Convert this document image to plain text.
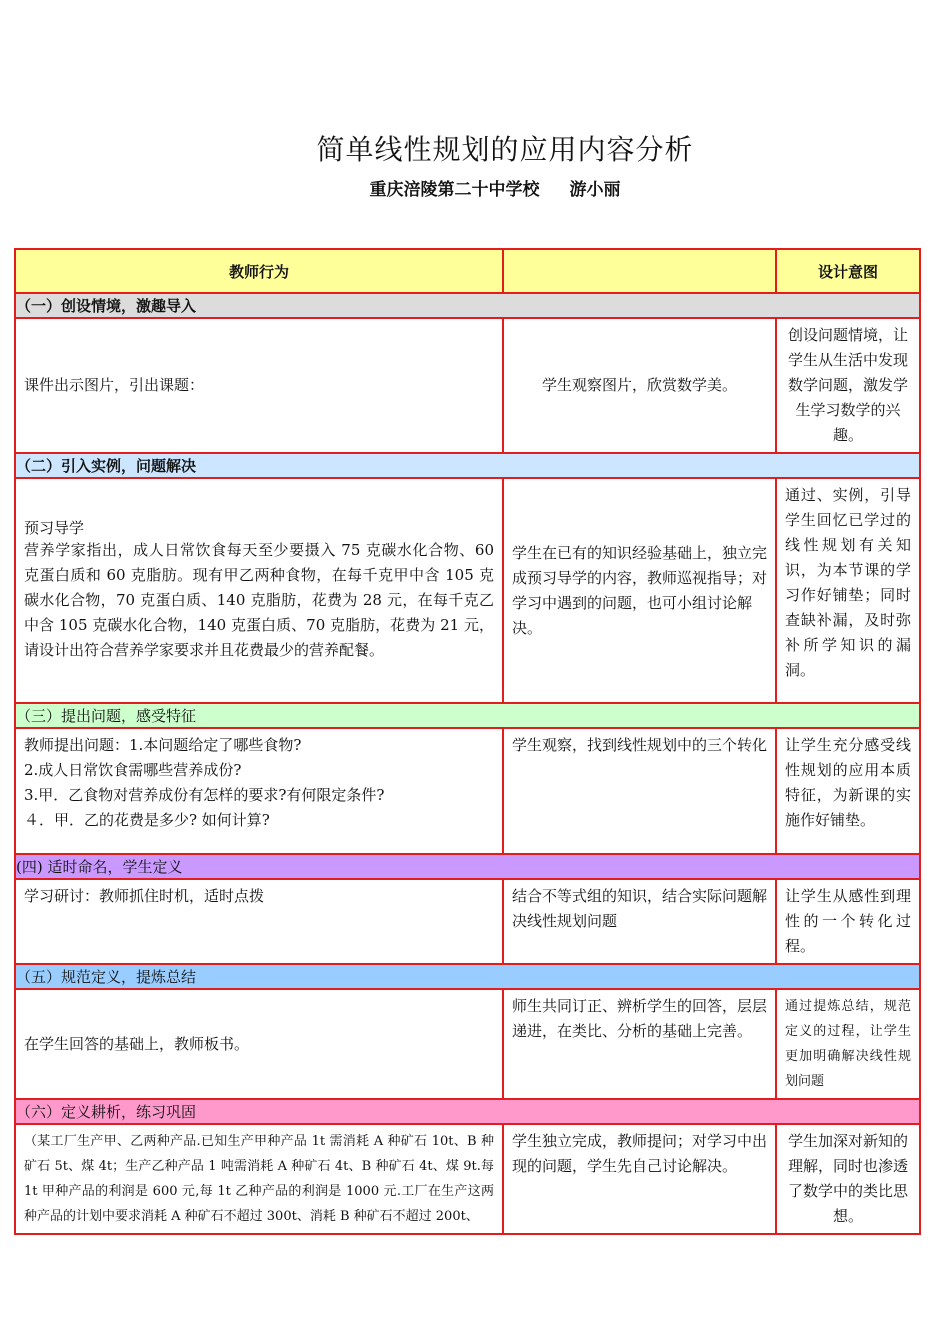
简单线性规划的应用内容分析
重庆涪陵第二十中学校 游小丽
教师行为		设计意图
（一）创设情境，激趣导入		
课件出示图片，引出课题：	学生观察图片，欣赏数学美。	创设问题情境，让学生从生活中发现数学问题，激发学生学习数学的兴趣。
（二）引入实例，问题解决		

预习导学
营养学家指出，成人日常饮食每天至少要摄入 75 克碳水化合物、60 克蛋白质和 60 克脂肪。现有甲乙两种食物，在每千克甲中含 105 克碳水化合物，70 克蛋白质、140 克脂肪，花费为 28 元，在每千克乙中含 105 克碳水化合物，140 克蛋白质、70 克脂肪，花费为 21 元，请设计出符合营养学家要求并且花费最少的营养配餐。	学生在已有的知识经验基础上，独立完成预习导学的内容，教师巡视指导；对学习中遇到的问题，也可小组讨论解决。	通过、实例，引导学生回忆已学过的线性规划有关知识，为本节课的学习作好铺垫；同时查缺补漏，及时弥补所学知识的漏洞。
（三）提出问题，感受特征		

教师提出问题：1.本问题给定了哪些食物?
2.成人日常饮食需哪些营养成份?
3.甲．乙食物对营养成份有怎样的要求?有何限定条件?
４．甲．乙的花费是多少? 如何计算?	学生观察，找到线性规划中的三个转化	让学生充分感受线性规划的应用本质特征，为新课的实施作好铺垫。
(四) 适时命名，学生定义		
学习研讨：教师抓住时机，适时点拨	结合不等式组的知识，结合实际问题解决线性规划问题	让学生从感性到理性的一个转化过程。
（五）规范定义，提炼总结		
在学生回答的基础上，教师板书。	师生共同订正、辨析学生的回答，层层递进，在类比、分析的基础上完善。	通过提炼总结，规范定义的过程，让学生更加明确解决线性规划问题
（六）定义耕析，练习巩固		
（某工厂生产甲、乙两种产品.已知生产甲种产品 1t 需消耗 A 种矿石 10t、B 种矿石 5t、煤 4t；生产乙种产品 1 吨需消耗 A 种矿石 4t、B 种矿石 4t、煤 9t.每 1t 甲种产品的利润是 600 元,每 1t 乙种产品的利润是 1000 元.工厂在生产这两种产品的计划中要求消耗 A 种矿石不超过 300t、消耗 B 种矿石不超过 200t、	学生独立完成，教师提问；对学习中出现的问题，学生先自己讨论解决。	学生加深对新知的理解，同时也渗透了数学中的类比思想。
